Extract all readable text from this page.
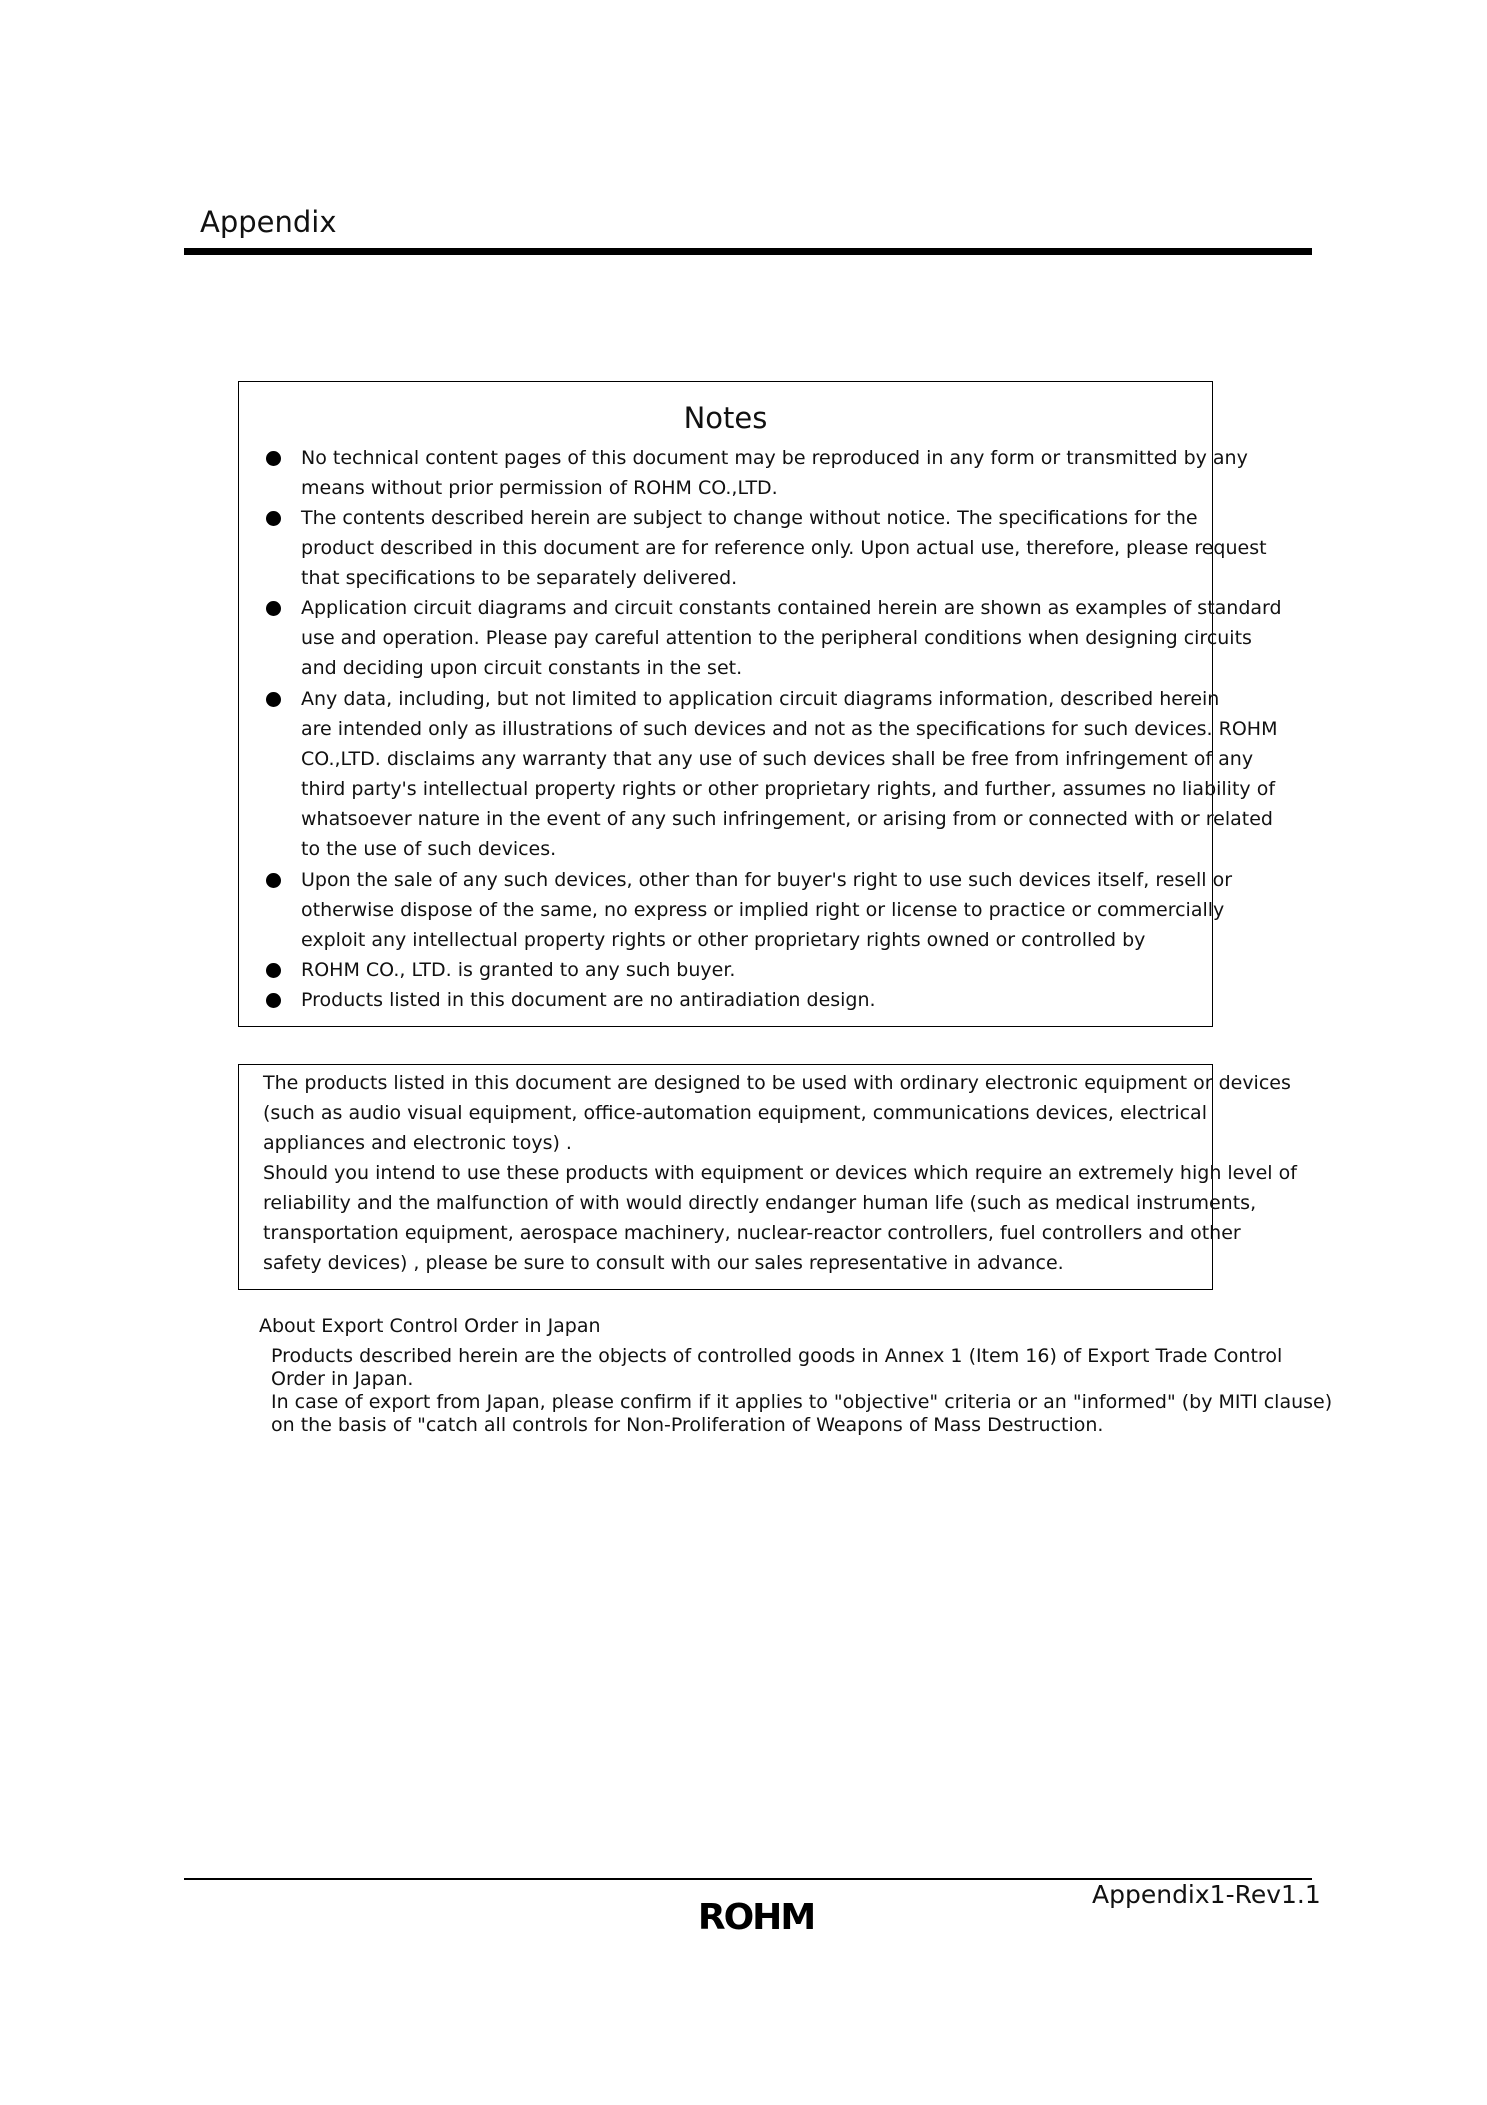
Appendix
Notes
No technical content pages of this document may be reproduced in any form or transmitted by any
means without prior permission of ROHM CO.,LTD.
The contents described herein are subject to change without notice. The specifications for the
product described in this document are for reference only. Upon actual use, therefore, please request
that specifications to be separately delivered.
Application circuit diagrams and circuit constants contained herein are shown as examples of standard
use and operation. Please pay careful attention to the peripheral conditions when designing circuits
and deciding upon circuit constants in the set.
Any data, including, but not limited to application circuit diagrams information, described herein
are intended only as illustrations of such devices and not as the specifications for such devices. ROHM
CO.,LTD. disclaims any warranty that any use of such devices shall be free from infringement of any
third party's intellectual property rights or other proprietary rights, and further, assumes no liability of
whatsoever nature in the event of any such infringement, or arising from or connected with or related
to the use of such devices.
Upon the sale of any such devices, other than for buyer's right to use such devices itself, resell or
otherwise dispose of the same, no express or implied right or license to practice or commercially
exploit any intellectual property rights or other proprietary rights owned or controlled by
ROHM CO., LTD. is granted to any such buyer.
Products listed in this document are no antiradiation design.
The products listed in this document are designed to be used with ordinary electronic equipment or devices
(such as audio visual equipment, office-automation equipment, communications devices, electrical
appliances and electronic toys) .
Should you intend to use these products with equipment or devices which require an extremely high level of
reliability and the malfunction of with would directly endanger human life (such as medical instruments,
transportation equipment, aerospace machinery, nuclear-reactor controllers, fuel controllers and other
safety devices) , please be sure to consult with our sales representative in advance.
About Export Control Order in Japan
Products described herein are the objects of controlled goods in Annex 1 (Item 16) of Export Trade Control
Order in Japan.
In case of export from Japan, please confirm if it applies to "objective" criteria or an "informed" (by MITI clause)
on the basis of "catch all controls for Non-Proliferation of Weapons of Mass Destruction.
Appendix1-Rev1.1
ROHM
